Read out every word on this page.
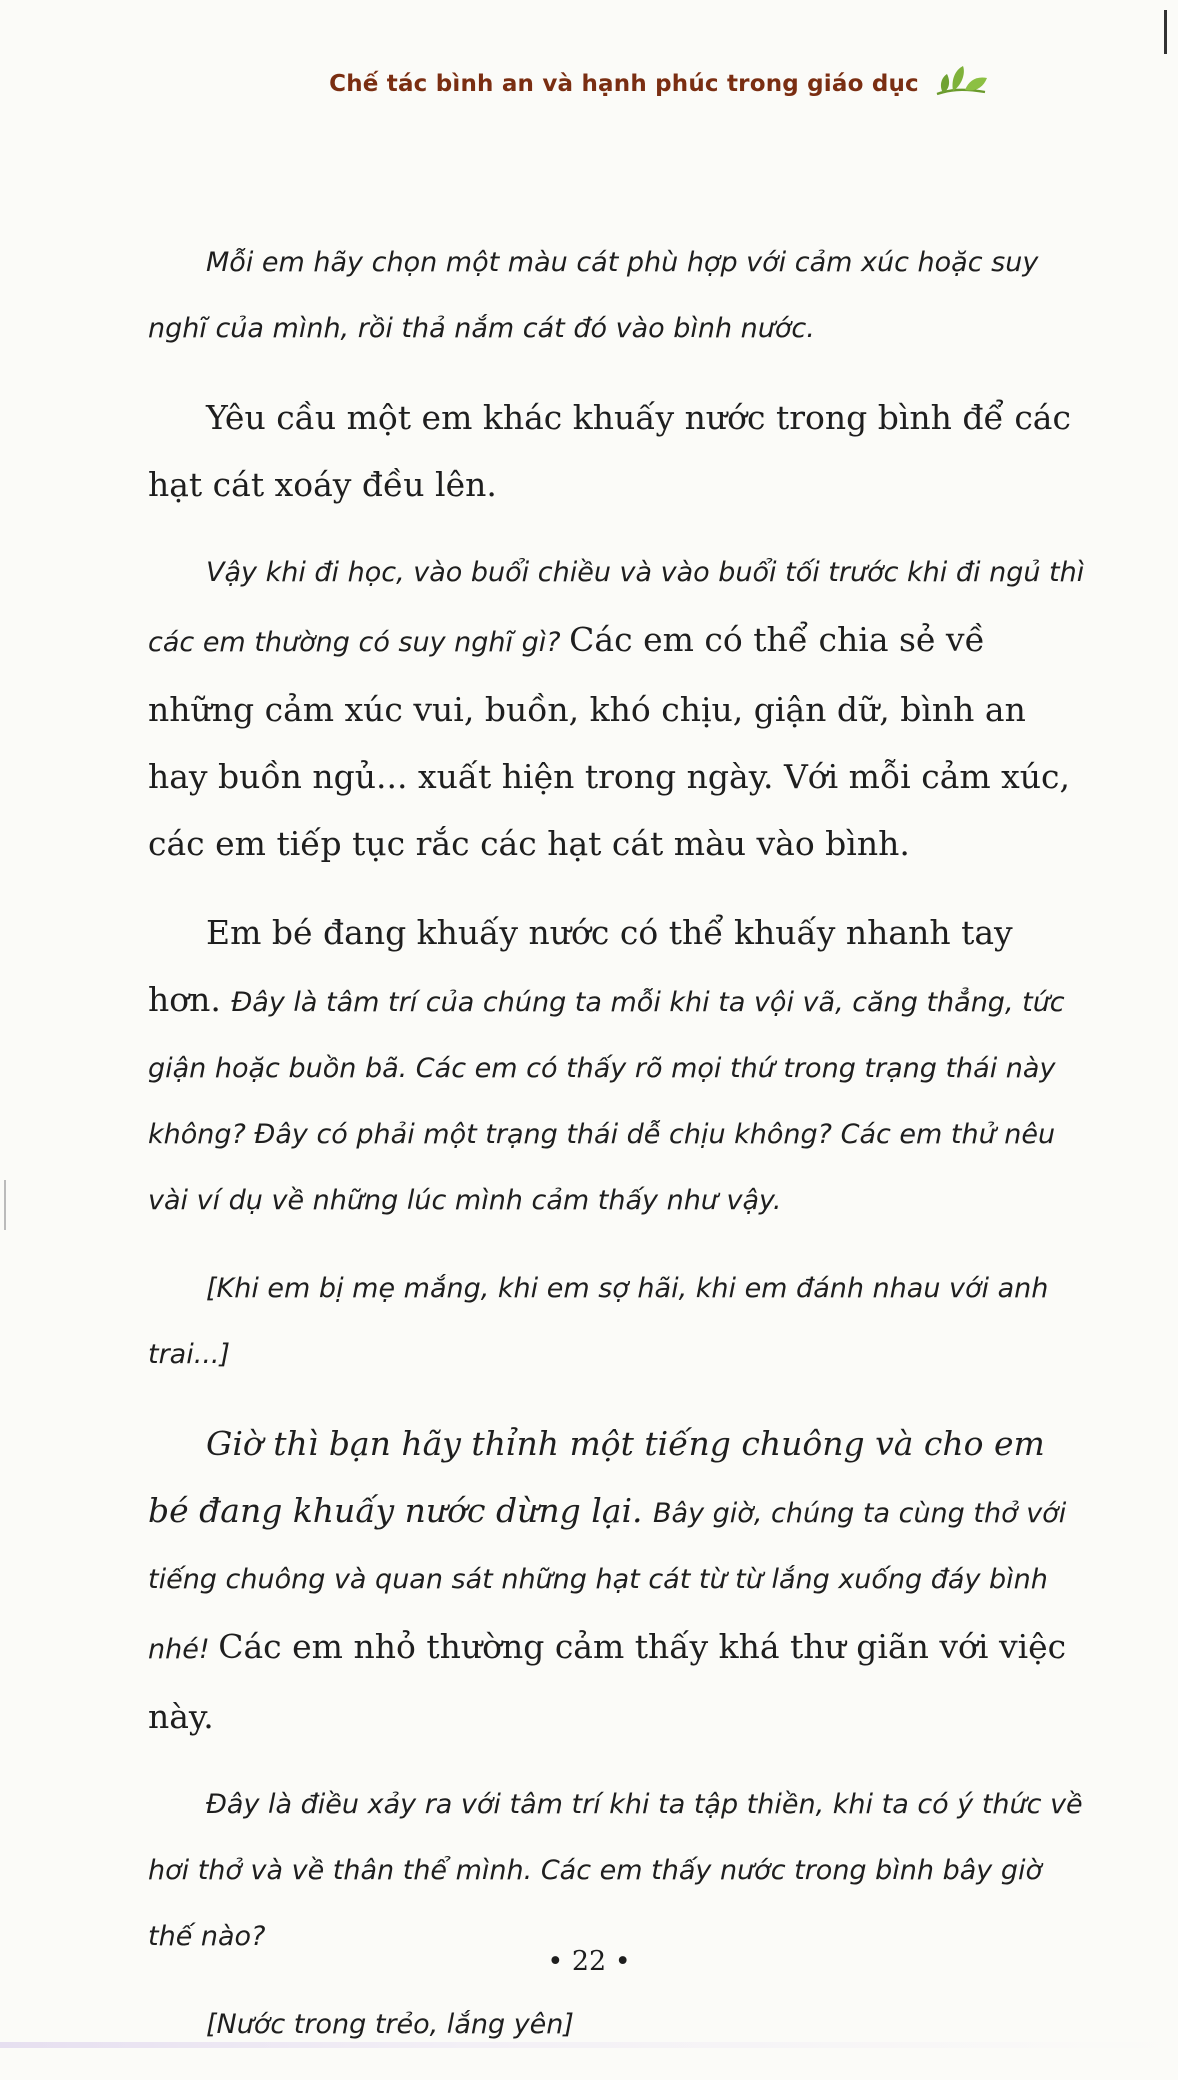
Chế tác bình an và hạnh phúc trong giáo dục

Mỗi em hãy chọn một màu cát phù hợp với cảm xúc hoặc suy nghĩ của mình, rồi thả nắm cát đó vào bình nước.

Yêu cầu một em khác khuấy nước trong bình để các hạt cát xoáy đều lên.

Vậy khi đi học, vào buổi chiều và vào buổi tối trước khi đi ngủ thì các em thường có suy nghĩ gì? Các em có thể chia sẻ về những cảm xúc vui, buồn, khó chịu, giận dữ, bình an hay buồn ngủ... xuất hiện trong ngày. Với mỗi cảm xúc, các em tiếp tục rắc các hạt cát màu vào bình.

Em bé đang khuấy nước có thể khuấy nhanh tay hơn. Đây là tâm trí của chúng ta mỗi khi ta vội vã, căng thẳng, tức giận hoặc buồn bã. Các em có thấy rõ mọi thứ trong trạng thái này không? Đây có phải một trạng thái dễ chịu không? Các em thử nêu vài ví dụ về những lúc mình cảm thấy như vậy.

[Khi em bị mẹ mắng, khi em sợ hãi, khi em đánh nhau với anh trai...]

Giờ thì bạn hãy thỉnh một tiếng chuông và cho em bé đang khuấy nước dừng lại. Bây giờ, chúng ta cùng thở với tiếng chuông và quan sát những hạt cát từ từ lắng xuống đáy bình nhé! Các em nhỏ thường cảm thấy khá thư giãn với việc này.

Đây là điều xảy ra với tâm trí khi ta tập thiền, khi ta có ý thức về hơi thở và về thân thể mình. Các em thấy nước trong bình bây giờ thế nào?

[Nước trong trẻo, lắng yên]

• 22 •
